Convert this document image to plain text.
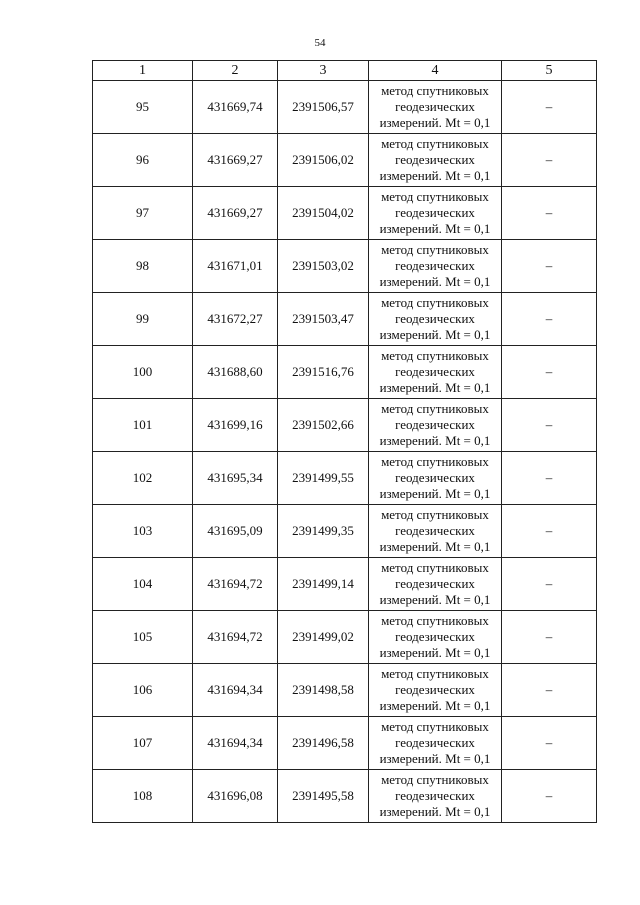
54
1	2	3	4	5
95	431669,74	2391506,57	метод спутниковых
геодезических
измерений. Mt = 0,1	–
96	431669,27	2391506,02	метод спутниковых
геодезических
измерений. Mt = 0,1	–
97	431669,27	2391504,02	метод спутниковых
геодезических
измерений. Mt = 0,1	–
98	431671,01	2391503,02	метод спутниковых
геодезических
измерений. Mt = 0,1	–
99	431672,27	2391503,47	метод спутниковых
геодезических
измерений. Mt = 0,1	–
100	431688,60	2391516,76	метод спутниковых
геодезических
измерений. Mt = 0,1	–
101	431699,16	2391502,66	метод спутниковых
геодезических
измерений. Mt = 0,1	–
102	431695,34	2391499,55	метод спутниковых
геодезических
измерений. Mt = 0,1	–
103	431695,09	2391499,35	метод спутниковых
геодезических
измерений. Mt = 0,1	–
104	431694,72	2391499,14	метод спутниковых
геодезических
измерений. Mt = 0,1	–
105	431694,72	2391499,02	метод спутниковых
геодезических
измерений. Mt = 0,1	–
106	431694,34	2391498,58	метод спутниковых
геодезических
измерений. Mt = 0,1	–
107	431694,34	2391496,58	метод спутниковых
геодезических
измерений. Mt = 0,1	–
108	431696,08	2391495,58	метод спутниковых
геодезических
измерений. Mt = 0,1	–
